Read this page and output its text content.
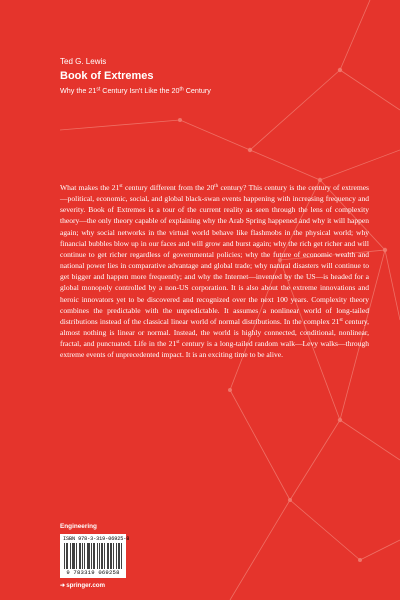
Ted G. Lewis

Book of Extremes

Why the 21st Century Isn't Like the 20th Century

What makes the 21st century different from the 20th century? This century is the century of extremes—political, economic, social, and global black-swan events happening with increasing frequency and severity. Book of Extremes is a tour of the current reality as seen through the lens of complexity theory—the only theory capable of explaining why the Arab Spring happened and why it will happen again; why social networks in the virtual world behave like flashmobs in the physical world; why financial bubbles blow up in our faces and will grow and burst again; why the rich get richer and will continue to get richer regardless of governmental policies; why the future of economic wealth and national power lies in comparative advantage and global trade; why natural disasters will continue to get bigger and happen more frequently; and why the Internet—invented by the US—is headed for a global monopoly controlled by a non-US corporation. It is also about the extreme innovations and heroic innovators yet to be discovered and recognized over the next 100 years. Complexity theory combines the predictable with the unpredictable. It assumes a nonlinear world of long-tailed distributions instead of the classical linear world of normal distributions. In the complex 21st century, almost nothing is linear or normal. Instead, the world is highly connected, conditional, nonlinear, fractal, and punctuated. Life in the 21st century is a long-tailed random walk—Levy walks—through extreme events of unprecedented impact. It is an exciting time to be alive.

Engineering
ISBN 978-3-319-06925-8
9 783319 069258
➜springer.com
